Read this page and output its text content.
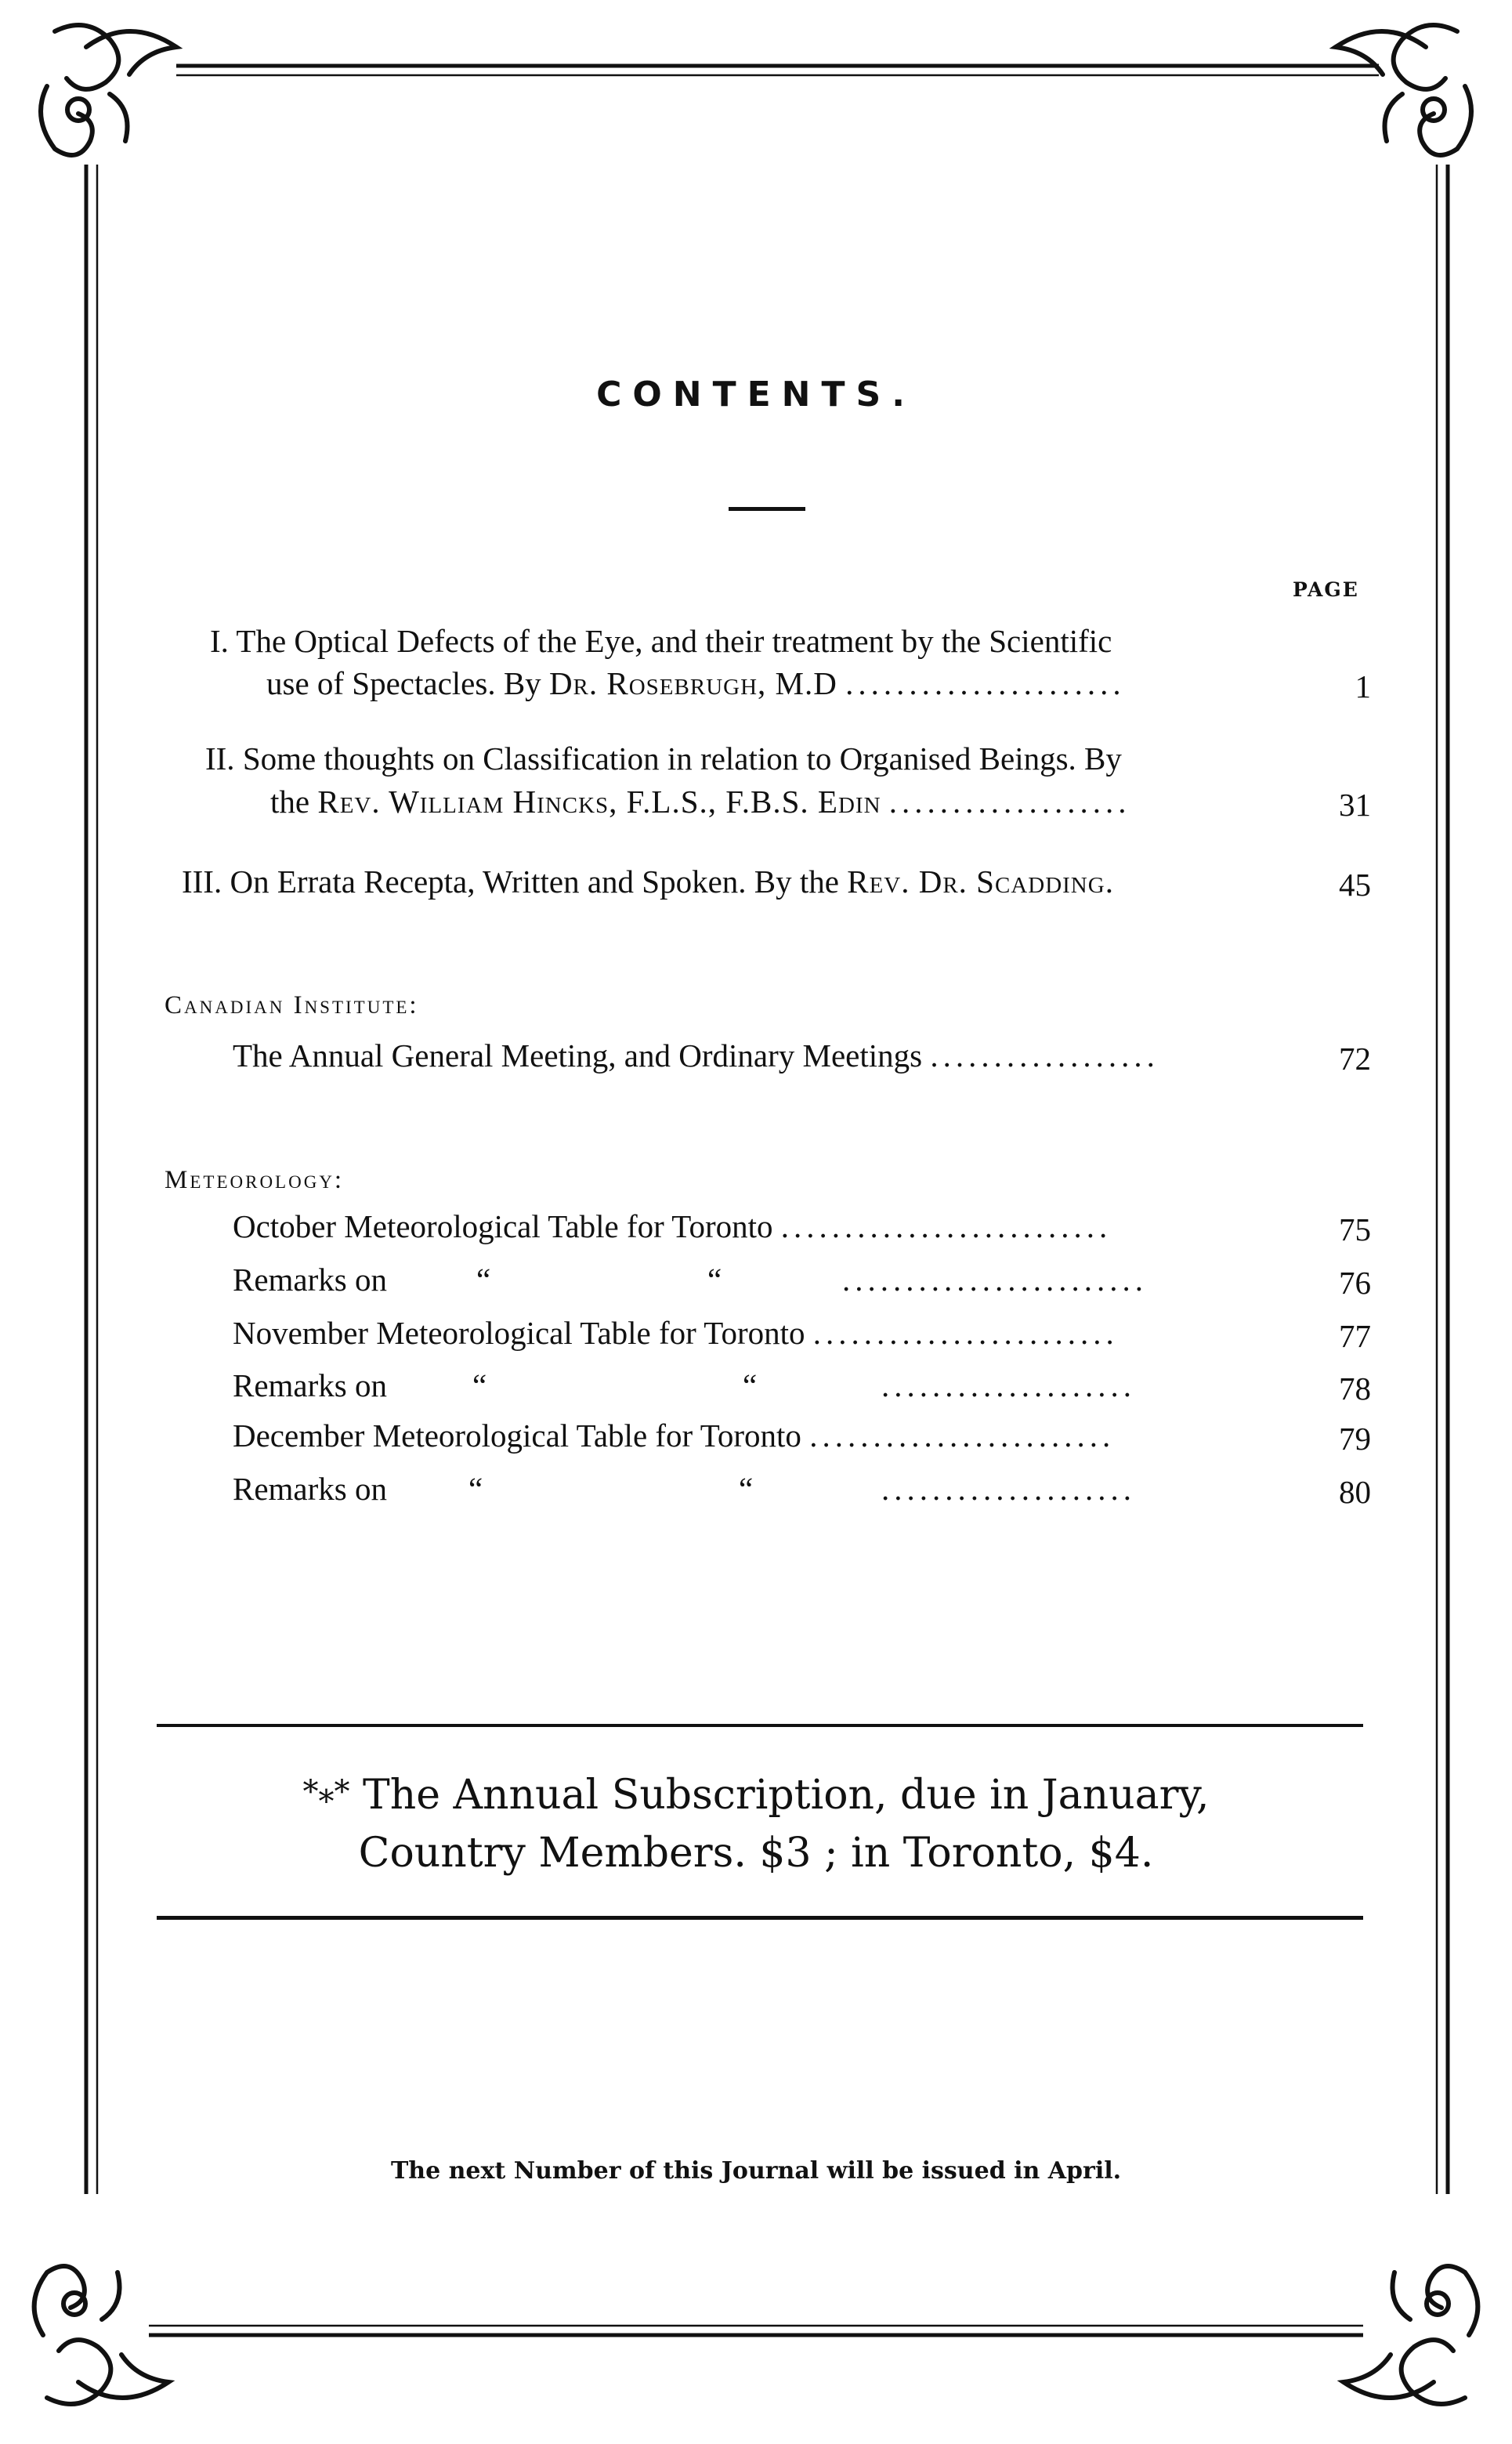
CONTENTS.
PAGE
I. The Optical Defects of the Eye, and their treatment by the Scientific
use of Spectacles. By Dr. Rosebrugh, M.D ......................	1
II. Some thoughts on Classification in relation to Organised Beings. By
the Rev. William Hincks, F.L.S., F.B.S. Edin ...................	31
III. On Errata Recepta, Written and Spoken. By the Rev. Dr. Scadding.	45
Canadian Institute:
The Annual General Meeting, and Ordinary Meetings ..................	72
Meteorology:
October Meteorological Table for Toronto ..........................	75
Remarks on	“	“	........................	76
November Meteorological Table for Toronto ........................	77
Remarks on	“	“	....................	78
December Meteorological Table for Toronto ........................	79
Remarks on	“	“	....................	80
*⁎* The Annual Subscription, due in January,
Country Members. $3 ; in Toronto, $4.
The next Number of this Journal will be issued in April.
